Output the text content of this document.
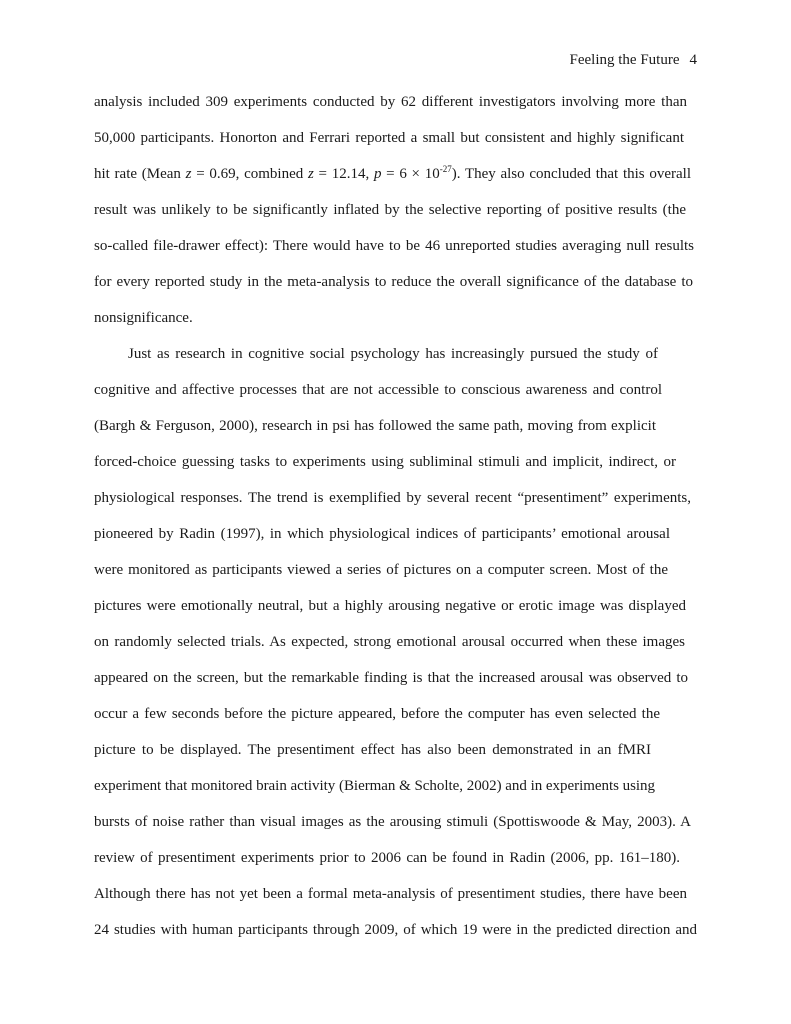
Feeling the Future 4
analysis included 309 experiments conducted by 62 different investigators involving more than
50,000 participants. Honorton and Ferrari reported a small but consistent and highly significant
hit rate (Mean z = 0.69, combined z = 12.14, $p = 6 \times 10^{-27}$). They also concluded that this overall
result was unlikely to be significantly inflated by the selective reporting of positive results (the
so-called file-drawer effect): There would have to be 46 unreported studies averaging null results
for every reported study in the meta-analysis to reduce the overall significance of the database to
nonsignificance.
Just as research in cognitive social psychology has increasingly pursued the study of
cognitive and affective processes that are not accessible to conscious awareness and control
(Bargh & Ferguson, 2000), research in psi has followed the same path, moving from explicit
forced-choice guessing tasks to experiments using subliminal stimuli and implicit, indirect, or
physiological responses. The trend is exemplified by several recent “presentiment” experiments,
pioneered by Radin (1997), in which physiological indices of participants’ emotional arousal
were monitored as participants viewed a series of pictures on a computer screen. Most of the
pictures were emotionally neutral, but a highly arousing negative or erotic image was displayed
on randomly selected trials. As expected, strong emotional arousal occurred when these images
appeared on the screen, but the remarkable finding is that the increased arousal was observed to
occur a few seconds before the picture appeared, before the computer has even selected the
picture to be displayed. The presentiment effect has also been demonstrated in an fMRI
experiment that monitored brain activity (Bierman & Scholte, 2002) and in experiments using
bursts of noise rather than visual images as the arousing stimuli (Spottiswoode & May, 2003). A
review of presentiment experiments prior to 2006 can be found in Radin (2006, pp. 161–180).
Although there has not yet been a formal meta-analysis of presentiment studies, there have been
24 studies with human participants through 2009, of which 19 were in the predicted direction and
